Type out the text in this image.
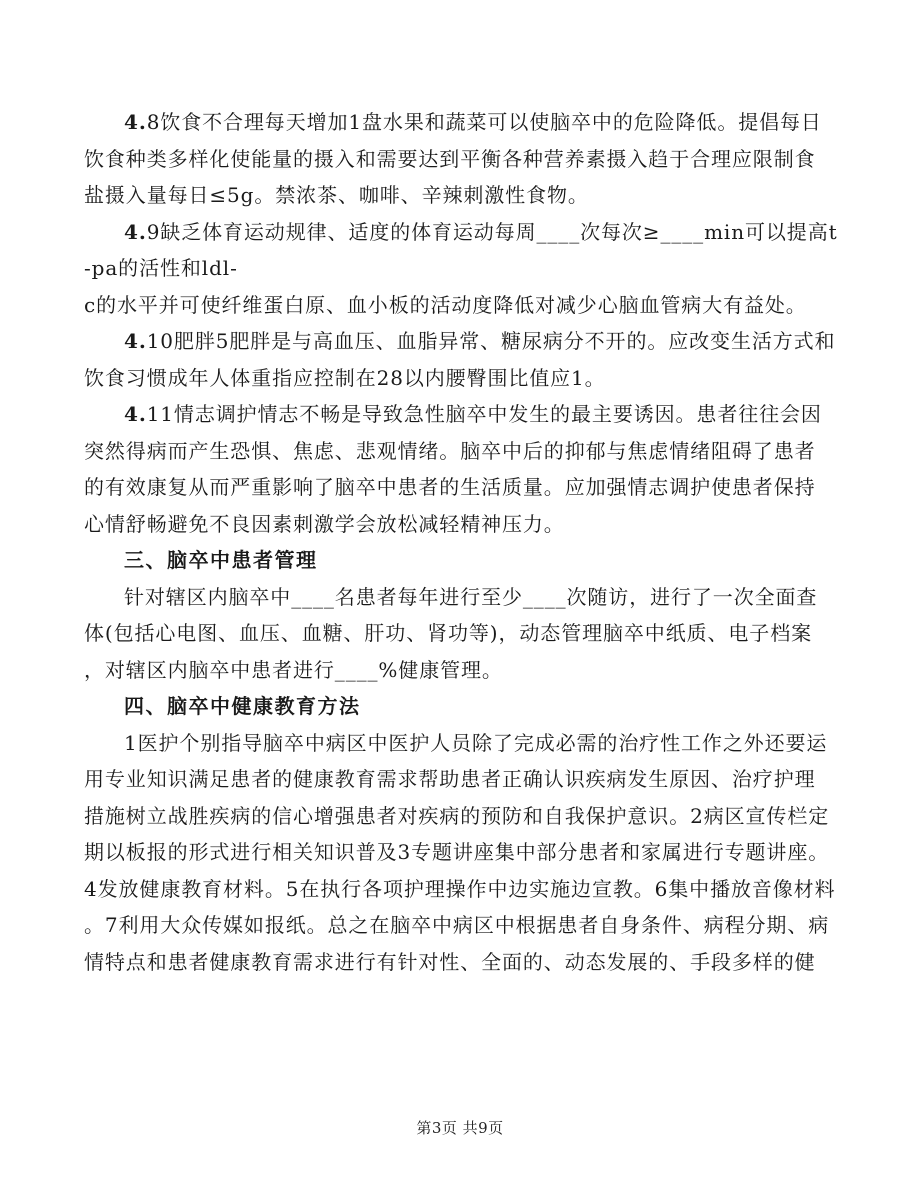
4.8饮食不合理每天增加1盘水果和蔬菜可以使脑卒中的危险降低。提倡每日
饮食种类多样化使能量的摄入和需要达到平衡各种营养素摄入趋于合理应限制食
盐摄入量每日≤5g。禁浓茶、咖啡、辛辣刺激性食物。
4.9缺乏体育运动规律、适度的体育运动每周____次每次≥____min可以提高t
-pa的活性和ldl-
c的水平并可使纤维蛋白原、血小板的活动度降低对减少心脑血管病大有益处。
4.10肥胖5肥胖是与高血压、血脂异常、糖尿病分不开的。应改变生活方式和
饮食习惯成年人体重指应控制在28以内腰臀围比值应1。
4.11情志调护情志不畅是导致急性脑卒中发生的最主要诱因。患者往往会因
突然得病而产生恐惧、焦虑、悲观情绪。脑卒中后的抑郁与焦虑情绪阻碍了患者
的有效康复从而严重影响了脑卒中患者的生活质量。应加强情志调护使患者保持
心情舒畅避免不良因素刺激学会放松减轻精神压力。
三、脑卒中患者管理
针对辖区内脑卒中____名患者每年进行至少____次随访，进行了一次全面查
体(包括心电图、血压、血糖、肝功、肾功等)，动态管理脑卒中纸质、电子档案
，对辖区内脑卒中患者进行____%健康管理。
四、脑卒中健康教育方法
1医护个别指导脑卒中病区中医护人员除了完成必需的治疗性工作之外还要运
用专业知识满足患者的健康教育需求帮助患者正确认识疾病发生原因、治疗护理
措施树立战胜疾病的信心增强患者对疾病的预防和自我保护意识。2病区宣传栏定
期以板报的形式进行相关知识普及3专题讲座集中部分患者和家属进行专题讲座。
4发放健康教育材料。5在执行各项护理操作中边实施边宣教。6集中播放音像材料
。7利用大众传媒如报纸。总之在脑卒中病区中根据患者自身条件、病程分期、病
情特点和患者健康教育需求进行有针对性、全面的、动态发展的、手段多样的健
第3页 共9页
